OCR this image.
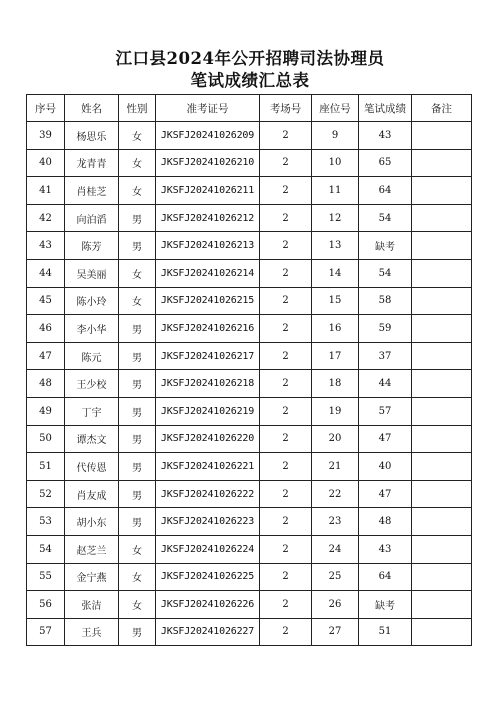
江口县2024年公开招聘司法协理员
笔试成绩汇总表
序号	姓名	性别	准考证号	考场号	座位号	笔试成绩	备注
39	杨思乐	女	JKSFJ20241026209	2	9	43	
40	龙青青	女	JKSFJ20241026210	2	10	65	
41	肖桂芝	女	JKSFJ20241026211	2	11	64	
42	向泊滔	男	JKSFJ20241026212	2	12	54	
43	陈芳	男	JKSFJ20241026213	2	13	缺考	
44	吴美丽	女	JKSFJ20241026214	2	14	54	
45	陈小玲	女	JKSFJ20241026215	2	15	58	
46	李小华	男	JKSFJ20241026216	2	16	59	
47	陈元	男	JKSFJ20241026217	2	17	37	
48	王少校	男	JKSFJ20241026218	2	18	44	
49	丁宇	男	JKSFJ20241026219	2	19	57	
50	谭杰文	男	JKSFJ20241026220	2	20	47	
51	代传恩	男	JKSFJ20241026221	2	21	40	
52	肖友成	男	JKSFJ20241026222	2	22	47	
53	胡小东	男	JKSFJ20241026223	2	23	48	
54	赵芝兰	女	JKSFJ20241026224	2	24	43	
55	金宁燕	女	JKSFJ20241026225	2	25	64	
56	张洁	女	JKSFJ20241026226	2	26	缺考	
57	王兵	男	JKSFJ20241026227	2	27	51	
